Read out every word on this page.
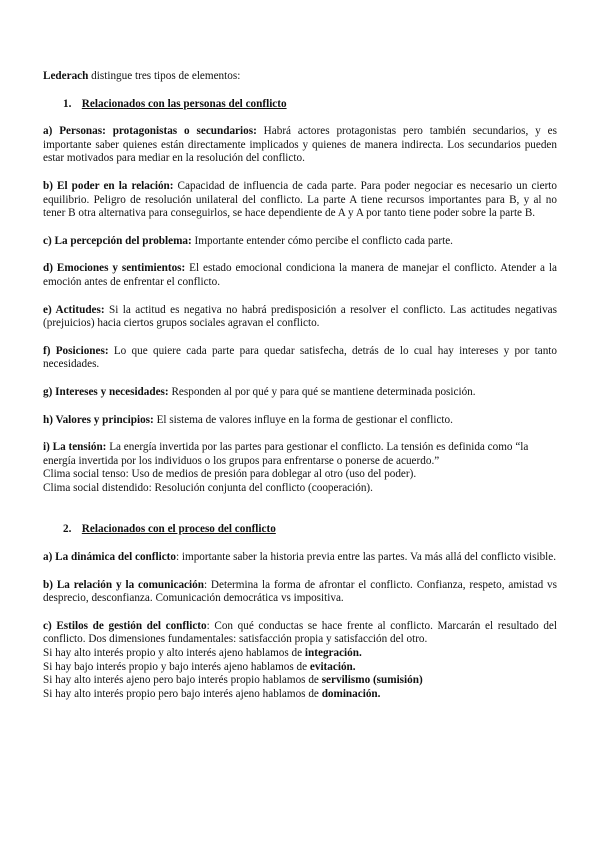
Lederach distingue tres tipos de elementos:

1. Relacionados con las personas del conflicto

a) Personas: protagonistas o secundarios: Habrá actores protagonistas pero también secundarios, y es importante saber quienes están directamente implicados y quienes de manera indirecta. Los secundarios pueden estar motivados para mediar en la resolución del conflicto.

b) El poder en la relación: Capacidad de influencia de cada parte. Para poder negociar es necesario un cierto equilibrio. Peligro de resolución unilateral del conflicto. La parte A tiene recursos importantes para B, y al no tener B otra alternativa para conseguirlos, se hace dependiente de A y A por tanto tiene poder sobre la parte B.

c) La percepción del problema: Importante entender cómo percibe el conflicto cada parte.

d) Emociones y sentimientos: El estado emocional condiciona la manera de manejar el conflicto. Atender a la emoción antes de enfrentar el conflicto.

e) Actitudes: Si la actitud es negativa no habrá predisposición a resolver el conflicto. Las actitudes negativas (prejuicios) hacia ciertos grupos sociales agravan el conflicto.

f) Posiciones: Lo que quiere cada parte para quedar satisfecha, detrás de lo cual hay intereses y por tanto necesidades.

g) Intereses y necesidades: Responden al por qué y para qué se mantiene determinada posición.

h) Valores y principios: El sistema de valores influye en la forma de gestionar el conflicto.

i) La tensión: La energía invertida por las partes para gestionar el conflicto. La tensión es definida como “la energía invertida por los individuos o los grupos para enfrentarse o ponerse de acuerdo.”

Clima social tenso: Uso de medios de presión para doblegar al otro (uso del poder).

Clima social distendido: Resolución conjunta del conflicto (cooperación).

2. Relacionados con el proceso del conflicto

a) La dinámica del conflicto: importante saber la historia previa entre las partes. Va más allá del conflicto visible.

b) La relación y la comunicación: Determina la forma de afrontar el conflicto. Confianza, respeto, amistad vs desprecio, desconfianza. Comunicación democrática vs impositiva.

c) Estilos de gestión del conflicto: Con qué conductas se hace frente al conflicto. Marcarán el resultado del conflicto. Dos dimensiones fundamentales: satisfacción propia y satisfacción del otro.

Si hay alto interés propio y alto interés ajeno hablamos de integración.

Si hay bajo interés propio y bajo interés ajeno hablamos de evitación.

Si hay alto interés ajeno pero bajo interés propio hablamos de servilismo (sumisión)

Si hay alto interés propio pero bajo interés ajeno hablamos de dominación.
